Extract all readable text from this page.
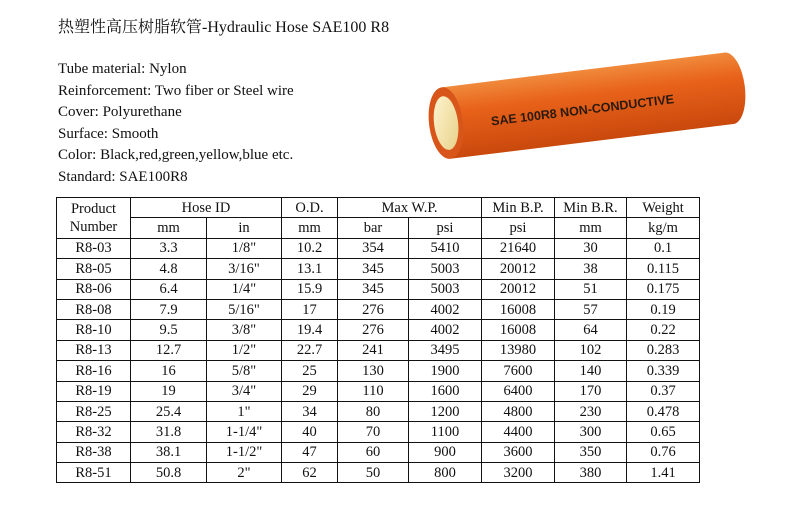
热塑性高压树脂软管-Hydraulic Hose SAE100 R8
Tube material: Nylon
Reinforcement: Two fiber or Steel wire
Cover: Polyurethane
Surface: Smooth
Color: Black,red,green,yellow,blue etc.
Standard: SAE100R8
SAE 100R8 NON-CONDUCTIVE
Product
Number	Hose ID		O.D.	Max W.P.		Min B.P.	Min B.R.	Weight
	mm	in	mm	bar	psi	psi	mm	kg/m
R8-03	3.3	1/8"	10.2	354	5410	21640	30	0.1
R8-05	4.8	3/16"	13.1	345	5003	20012	38	0.115
R8-06	6.4	1/4"	15.9	345	5003	20012	51	0.175
R8-08	7.9	5/16"	17	276	4002	16008	57	0.19
R8-10	9.5	3/8"	19.4	276	4002	16008	64	0.22
R8-13	12.7	1/2"	22.7	241	3495	13980	102	0.283
R8-16	16	5/8"	25	130	1900	7600	140	0.339
R8-19	19	3/4"	29	110	1600	6400	170	0.37
R8-25	25.4	1"	34	80	1200	4800	230	0.478
R8-32	31.8	1-1/4"	40	70	1100	4400	300	0.65
R8-38	38.1	1-1/2"	47	60	900	3600	350	0.76
R8-51	50.8	2"	62	50	800	3200	380	1.41
